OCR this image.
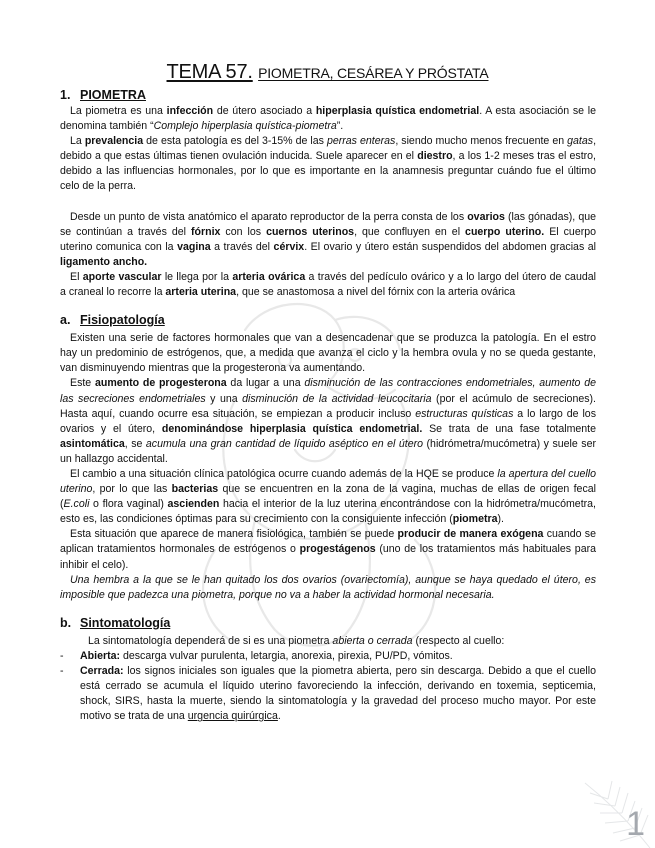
TEMA 57. PIOMETRA, CESÁREA Y PRÓSTATA
1. PIOMETRA

La piometra es una infección de útero asociado a hiperplasia quística endometrial. A esta asociación se le denomina también “Complejo hiperplasia quística-piometra”.

La prevalencia de esta patología es del 3-15% de las perras enteras, siendo mucho menos frecuente en gatas, debido a que estas últimas tienen ovulación inducida. Suele aparecer en el diestro, a los 1-2 meses tras el estro, debido a las influencias hormonales, por lo que es importante en la anamnesis preguntar cuándo fue el último celo de la perra.

Desde un punto de vista anatómico el aparato reproductor de la perra consta de los ovarios (las gónadas), que se continúan a través del fórnix con los cuernos uterinos, que confluyen en el cuerpo uterino. El cuerpo uterino comunica con la vagina a través del cérvix. El ovario y útero están suspendidos del abdomen gracias al ligamento ancho.

El aporte vascular le llega por la arteria ovárica a través del pedículo ovárico y a lo largo del útero de caudal a craneal lo recorre la arteria uterina, que se anastomosa a nivel del fórnix con la arteria ovárica

a. Fisiopatología

Existen una serie de factores hormonales que van a desencadenar que se produzca la patología. En el estro hay un predominio de estrógenos, que, a medida que avanza el ciclo y la hembra ovula y no se queda gestante, van disminuyendo mientras que la progesterona va aumentando.

Este aumento de progesterona da lugar a una disminución de las contracciones endometriales, aumento de las secreciones endometriales y una disminución de la actividad leucocitaria (por el acúmulo de secreciones). Hasta aquí, cuando ocurre esa situación, se empiezan a producir incluso estructuras quísticas a lo largo de los ovarios y el útero, denominándose hiperplasia quística endometrial. Se trata de una fase totalmente asintomática, se acumula una gran cantidad de líquido aséptico en el útero (hidrómetra/mucómetra) y suele ser un hallazgo accidental.

El cambio a una situación clínica patológica ocurre cuando además de la HQE se produce la apertura del cuello uterino, por lo que las bacterias que se encuentren en la zona de la vagina, muchas de ellas de origen fecal (E.coli o flora vaginal) ascienden hacia el interior de la luz uterina encontrándose con la hidrómetra/mucómetra, esto es, las condiciones óptimas para su crecimiento con la consiguiente infección (piometra).

Esta situación que aparece de manera fisiológica, también se puede producir de manera exógena cuando se aplican tratamientos hormonales de estrógenos o progestágenos (uno de los tratamientos más habituales para inhibir el celo).

Una hembra a la que se le han quitado los dos ovarios (ovariectomía), aunque se haya quedado el útero, es imposible que padezca una piometra, porque no va a haber la actividad hormonal necesaria.

b. Sintomatología

La sintomatología dependerá de si es una piometra abierta o cerrada (respecto al cuello:

- Abierta: descarga vulvar purulenta, letargia, anorexia, pirexia, PU/PD, vómitos.
- Cerrada: los signos iniciales son iguales que la piometra abierta, pero sin descarga. Debido a que el cuello está cerrado se acumula el líquido uterino favoreciendo la infección, derivando en toxemia, septicemia, shock, SIRS, hasta la muerte, siendo la sintomatología y la gravedad del proceso mucho mayor. Por este motivo se trata de una urgencia quirúrgica.
1
